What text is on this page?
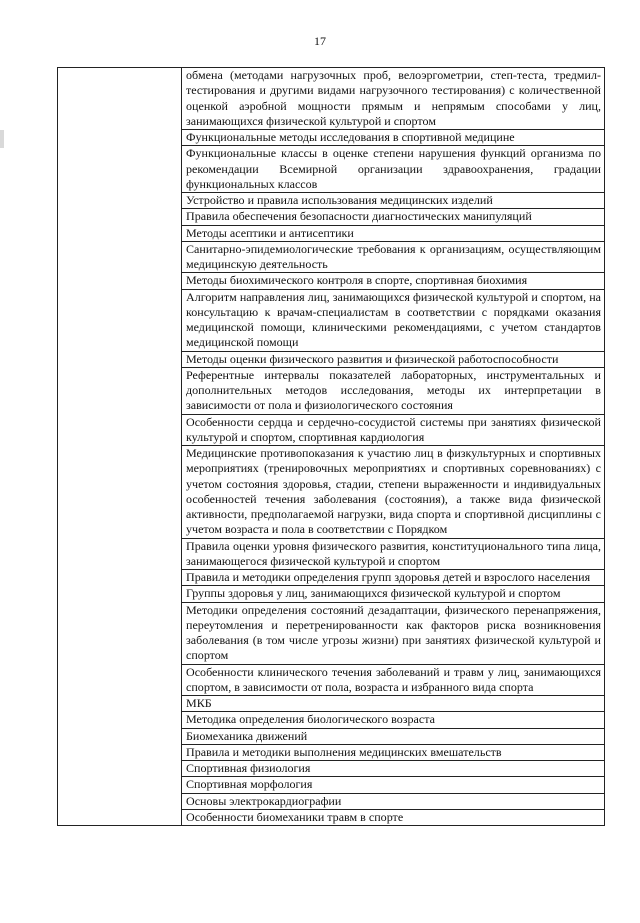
17
	обмена (методами нагрузочных проб, велоэргометрии, степ-теста, тредмил-тестирования и другими видами нагрузочного тестирования) с количественной оценкой аэробной мощности прямым и непрямым способами у лиц, занимающихся физической культурой и спортом
Функциональные методы исследования в спортивной медицине
Функциональные классы в оценке степени нарушения функций организма по рекомендации Всемирной организации здравоохранения, градации функциональных классов
Устройство и правила использования медицинских изделий
Правила обеспечения безопасности диагностических манипуляций
Методы асептики и антисептики
Санитарно-эпидемиологические требования к организациям, осуществляющим медицинскую деятельность
Методы биохимического контроля в спорте, спортивная биохимия
Алгоритм направления лиц, занимающихся физической культурой и спортом, на консультацию к врачам-специалистам в соответствии с порядками оказания медицинской помощи, клиническими рекомендациями, с учетом стандартов медицинской помощи
Методы оценки физического развития и физической работоспособности
Референтные интервалы показателей лабораторных, инструментальных и дополнительных методов исследования, методы их интерпретации в зависимости от пола и физиологического состояния
Особенности сердца и сердечно-сосудистой системы при занятиях физической культурой и спортом, спортивная кардиология
Медицинские противопоказания к участию лиц в физкультурных и спортивных мероприятиях (тренировочных мероприятиях и спортивных соревнованиях) с учетом состояния здоровья, стадии, степени выраженности и индивидуальных особенностей течения заболевания (состояния), а также вида физической активности, предполагаемой нагрузки, вида спорта и спортивной дисциплины с учетом возраста и пола в соответствии с Порядком
Правила оценки уровня физического развития, конституционального типа лица, занимающегося физической культурой и спортом
Правила и методики определения групп здоровья детей и взрослого населения
Группы здоровья у лиц, занимающихся физической культурой и спортом
Методики определения состояний дезадаптации, физического перенапряжения, переутомления и перетренированности как факторов риска возникновения заболевания (в том числе угрозы жизни) при занятиях физической культурой и спортом
Особенности клинического течения заболеваний и травм у лиц, занимающихся спортом, в зависимости от пола, возраста и избранного вида спорта
МКБ
Методика определения биологического возраста
Биомеханика движений
Правила и методики выполнения медицинских вмешательств
Спортивная физиология
Спортивная морфология
Основы электрокардиографии
Особенности биомеханики травм в спорте
